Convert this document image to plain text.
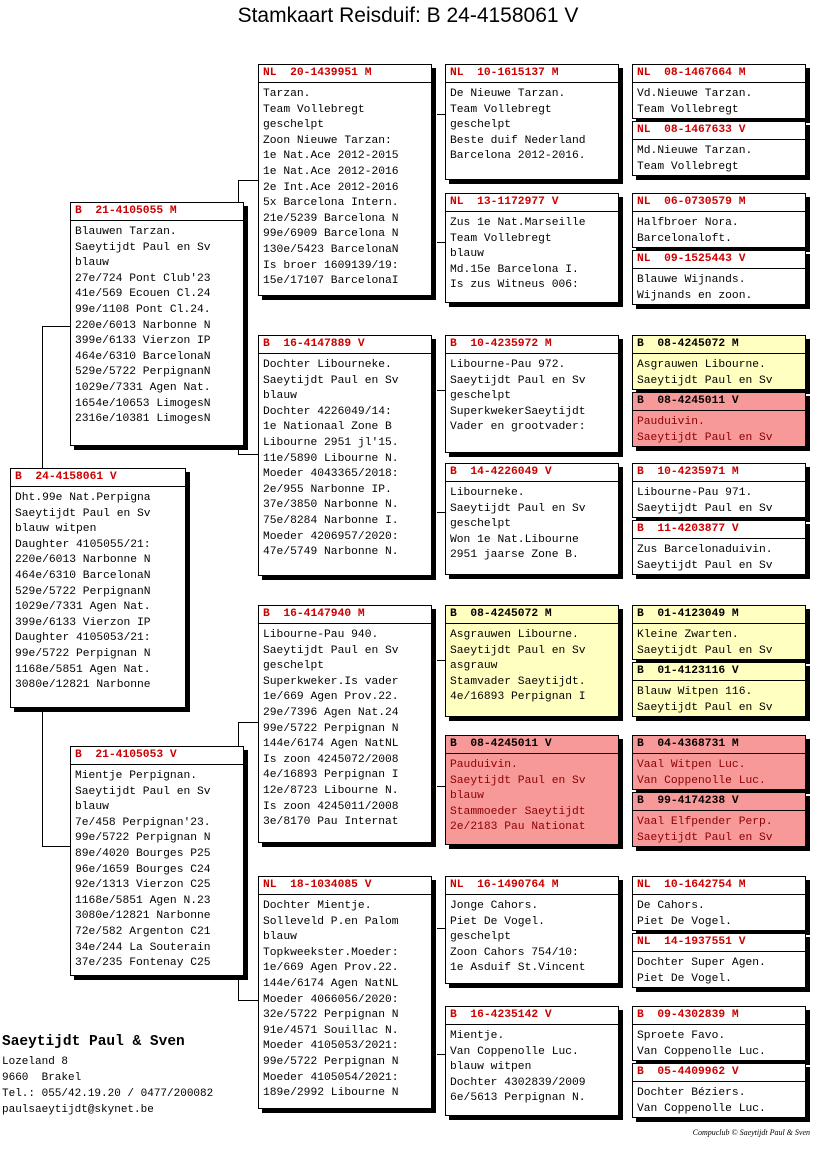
Stamkaart Reisduif: B 24-4158061 V
B  24-4158061 V
Dht.99e Nat.Perpigna
Saeytijdt Paul en Sv
blauw witpen
Daughter 4105055/21:
220e/6013 Narbonne N
464e/6310 BarcelonaN
529e/5722 PerpignanN
1029e/7331 Agen Nat.
399e/6133 Vierzon IP
Daughter 4105053/21:
99e/5722 Perpignan N
1168e/5851 Agen Nat.
3080e/12821 Narbonne
B  21-4105055 M
Blauwen Tarzan.
Saeytijdt Paul en Sv
blauw
27e/724 Pont Club'23
41e/569 Ecouen Cl.24
99e/1108 Pont Cl.24.
220e/6013 Narbonne N
399e/6133 Vierzon IP
464e/6310 BarcelonaN
529e/5722 PerpignanN
1029e/7331 Agen Nat.
1654e/10653 LimogesN
2316e/10381 LimogesN
B  21-4105053 V
Mientje Perpignan.
Saeytijdt Paul en Sv
blauw
7e/458 Perpignan'23.
99e/5722 Perpignan N
89e/4020 Bourges P25
96e/1659 Bourges C24
92e/1313 Vierzon C25
1168e/5851 Agen N.23
3080e/12821 Narbonne
72e/582 Argenton C21
34e/244 La Souterain
37e/235 Fontenay C25
NL  20-1439951 M
Tarzan.
Team Vollebregt
geschelpt
Zoon Nieuwe Tarzan:
1e Nat.Ace 2012-2015
1e Nat.Ace 2012-2016
2e Int.Ace 2012-2016
5x Barcelona Intern.
21e/5239 Barcelona N
99e/6909 Barcelona N
130e/5423 BarcelonaN
Is broer 1609139/19:
15e/17107 BarcelonaI
B  16-4147889 V
Dochter Libourneke.
Saeytijdt Paul en Sv
blauw
Dochter 4226049/14:
1e Nationaal Zone B
Libourne 2951 jl'15.
11e/5890 Libourne N.
Moeder 4043365/2018:
2e/955 Narbonne IP.
37e/3850 Narbonne N.
75e/8284 Narbonne I.
Moeder 4206957/2020:
47e/5749 Narbonne N.
B  16-4147940 M
Libourne-Pau 940.
Saeytijdt Paul en Sv
geschelpt
Superkweker.Is vader
1e/669 Agen Prov.22.
29e/7396 Agen Nat.24
99e/5722 Perpignan N
144e/6174 Agen NatNL
Is zoon 4245072/2008
4e/16893 Perpignan I
12e/8723 Libourne N.
Is zoon 4245011/2008
3e/8170 Pau Internat
NL  18-1034085 V
Dochter Mientje.
Solleveld P.en Palom
blauw
Topkweekster.Moeder:
1e/669 Agen Prov.22.
144e/6174 Agen NatNL
Moeder 4066056/2020:
32e/5722 Perpignan N
91e/4571 Souillac N.
Moeder 4105053/2021:
99e/5722 Perpignan N
Moeder 4105054/2021:
189e/2992 Libourne N
NL  10-1615137 M
De Nieuwe Tarzan.
Team Vollebregt
geschelpt
Beste duif Nederland
Barcelona 2012-2016.
NL  13-1172977 V
Zus 1e Nat.Marseille
Team Vollebregt
blauw
Md.15e Barcelona I.
Is zus Witneus 006:
B  10-4235972 M
Libourne-Pau 972.
Saeytijdt Paul en Sv
geschelpt
SuperkwekerSaeytijdt
Vader en grootvader:
B  14-4226049 V
Libourneke.
Saeytijdt Paul en Sv
geschelpt
Won 1e Nat.Libourne
2951 jaarse Zone B.
B  08-4245072 M
Asgrauwen Libourne.
Saeytijdt Paul en Sv
asgrauw
Stamvader Saeytijdt.
4e/16893 Perpignan I
B  08-4245011 V
Pauduivin.
Saeytijdt Paul en Sv
blauw
Stammoeder Saeytijdt
2e/2183 Pau Nationat
NL  16-1490764 M
Jonge Cahors.
Piet De Vogel.
geschelpt
Zoon Cahors 754/10:
1e Asduif St.Vincent
B  16-4235142 V
Mientje.
Van Coppenolle Luc.
blauw witpen
Dochter 4302839/2009
6e/5613 Perpignan N.
NL  08-1467664 M
Vd.Nieuwe Tarzan.
Team Vollebregt
NL  08-1467633 V
Md.Nieuwe Tarzan.
Team Vollebregt
NL  06-0730579 M
Halfbroer Nora.
Barcelonaloft.
NL  09-1525443 V
Blauwe Wijnands.
Wijnands en zoon.
B  08-4245072 M
Asgrauwen Libourne.
Saeytijdt Paul en Sv
B  08-4245011 V
Pauduivin.
Saeytijdt Paul en Sv
B  10-4235971 M
Libourne-Pau 971.
Saeytijdt Paul en Sv
B  11-4203877 V
Zus Barcelonaduivin.
Saeytijdt Paul en Sv
B  01-4123049 M
Kleine Zwarten.
Saeytijdt Paul en Sv
B  01-4123116 V
Blauw Witpen 116.
Saeytijdt Paul en Sv
B  04-4368731 M
Vaal Witpen Luc.
Van Coppenolle Luc.
B  99-4174238 V
Vaal Elfpender Perp.
Saeytijdt Paul en Sv
NL  10-1642754 M
De Cahors.
Piet De Vogel.
NL  14-1937551 V
Dochter Super Agen.
Piet De Vogel.
B  09-4302839 M
Sproete Favo.
Van Coppenolle Luc.
B  05-4409962 V
Dochter Béziers.
Van Coppenolle Luc.
Saeytijdt Paul & Sven
Lozeland 8
9660  Brakel
Tel.: 055/42.19.20 / 0477/200082
paulsaeytijdt@skynet.be
Compuclub © Saeytijdt Paul & Sven
